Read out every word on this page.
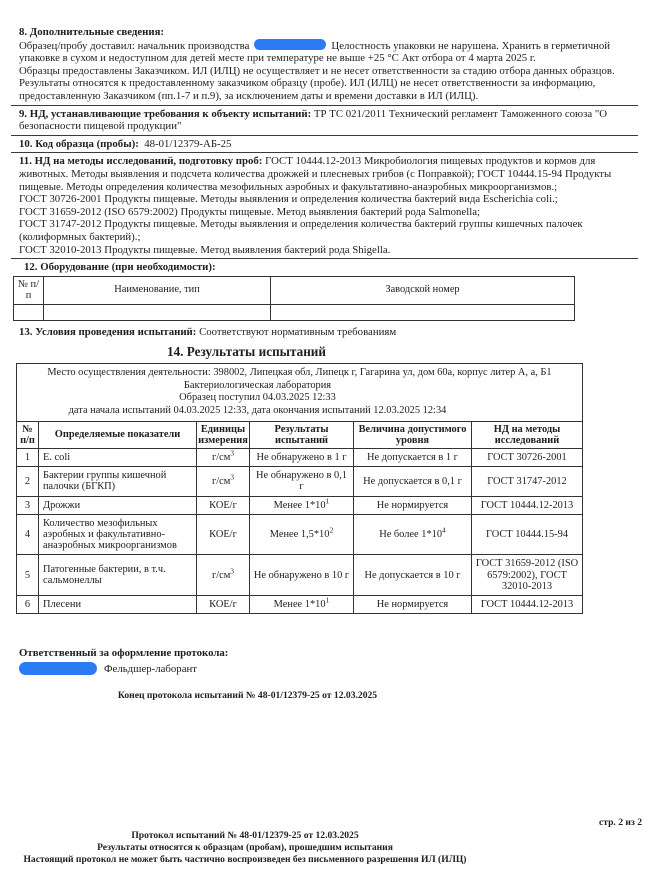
8. Дополнительные сведения:
Образец/пробу доставил: начальник производства	Целостность упаковки не нарушена. Хранить в герметичной упаковке в сухом и недоступном для детей месте при температуре не выше +25 °С Акт отбора от 4 марта 2025 г.
Образцы предоставлены Заказчиком. ИЛ (ИЛЦ) не осуществляет и не несет ответственности за стадию отбора данных образцов. Результаты относятся к предоставленному заказчиком образцу (пробе). ИЛ (ИЛЦ) не несет ответственности за информацию, предоставленную Заказчиком (пп.1-7 и п.9), за исключением даты и времени доставки в ИЛ (ИЛЦ).
9. НД, устанавливающие требования к объекту испытаний: ТР ТС 021/2011 Технический регламент Таможенного союза "О безопасности пищевой продукции"
10. Код образца (пробы): 48-01/12379-АБ-25
11. НД на методы исследований, подготовку проб: ГОСТ 10444.12-2013 Микробиология пищевых продуктов и кормов для животных. Методы выявления и подсчета количества дрожжей и плесневых грибов (с Поправкой); ГОСТ 10444.15-94 Продукты пищевые. Методы определения количества мезофильных аэробных и факультативно-анаэробных микроорганизмов.;
ГОСТ 30726-2001 Продукты пищевые. Методы выявления и определения количества бактерий вида Escherichia coli.;
ГОСТ 31659-2012 (ISO 6579:2002) Продукты пищевые. Метод выявления бактерий рода Salmonella;
ГОСТ 31747-2012 Продукты пищевые. Методы выявления и определения количества бактерий группы кишечных палочек (колиформных бактерий).;
ГОСТ 32010-2013 Продукты пищевые. Метод выявления бактерий рода Shigella.
12. Оборудование (при необходимости):
№ п/п	Наименование, тип	Заводской номер

13. Условия проведения испытаний: Соответствуют нормативным требованиям
14. Результаты испытаний
Место осуществления деятельности: 398002, Липецкая обл, Липецк г, Гагарина ул, дом 60а, корпус литер А, а, Б1
Бактериологическая лаборатория
Образец поступил 04.03.2025 12:33
дата начала испытаний 04.03.2025 12:33, дата окончания испытаний 12.03.2025 12:34					

№ п/п	Определяемые показатели	Единицы измерения	Результаты испытаний	Величина допустимого уровня	НД на методы исследований
1	E. coli	$г/см^3$	Не обнаружено в 1 г	Не допускается в 1 г	ГОСТ 30726-2001
2	Бактерии группы кишечной палочки (БГКП)	$г/см^3$	Не обнаружено в 0,1 г	Не допускается в 0,1 г	ГОСТ 31747-2012
3	Дрожжи	КОЕ/г	Менее $1*10^1$	Не нормируется	ГОСТ 10444.12-2013
4	Количество мезофильных аэробных и факультативно-анаэробных микроорганизмов	КОЕ/г	Менее $1,5*10^2$	Не более $1*10^4$	ГОСТ 10444.15-94
5	Патогенные бактерии, в т.ч. сальмонеллы	$г/см^3$	Не обнаружено в 10 г	Не допускается в 10 г	ГОСТ 31659-2012 (ISO 6579:2002), ГОСТ 32010-2013
6	Плесени	КОЕ/г	Менее $1*10^1$	Не нормируется	ГОСТ 10444.12-2013
Ответственный за оформление протокола:
Фельдшер-лаборант
Конец протокола испытаний № 48-01/12379-25 от 12.03.2025
стр. 2 из 2
Протокол испытаний № 48-01/12379-25 от 12.03.2025
Результаты относятся к образцам (пробам), прошедшим испытания
Настоящий протокол не может быть частично воспроизведен без письменного разрешения ИЛ (ИЛЦ)
